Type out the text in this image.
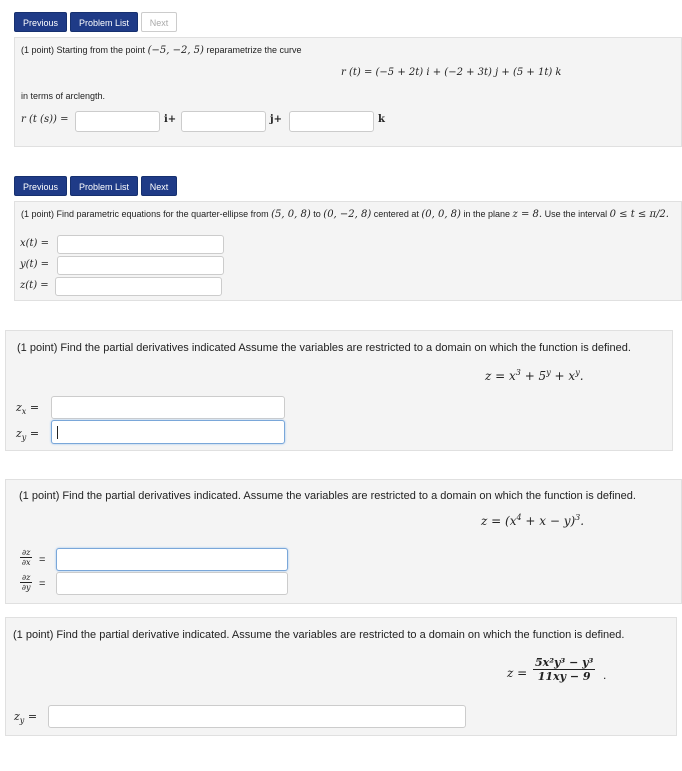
Previous	Problem List	Next
(1 point) Starting from the point (−5, −2, 5) reparametrize the curve
r (t) = (−5 + 2t) i + (−2 + 3t) j + (5 + 1t) k
in terms of arclength.
r (t (s)) =	i+	j+	k
Previous	Problem List	Next
(1 point) Find parametric equations for the quarter-ellipse from (5, 0, 8) to (0, −2, 8) centered at (0, 0, 8) in the plane z = 8. Use the interval 0 ≤ t ≤ π/2.
x(t) =
y(t) =
z(t) =
(1 point) Find the partial derivatives indicated Assume the variables are restricted to a domain on which the function is defined.
$z = x^3 + 5^y + x^y$.
$z_x$ =
$z_y$ =
(1 point) Find the partial derivatives indicated. Assume the variables are restricted to a domain on which the function is defined.
$z = (x^4 + x - y)^3$.
$\frac{\partial z}{\partial x}$ =
$\frac{\partial z}{\partial y}$ =
(1 point) Find the partial derivative indicated. Assume the variables are restricted to a domain on which the function is defined.
$z = \frac{\text{5x²y³ − y³}}{11xy - 9}$ .
$z_y$ =
